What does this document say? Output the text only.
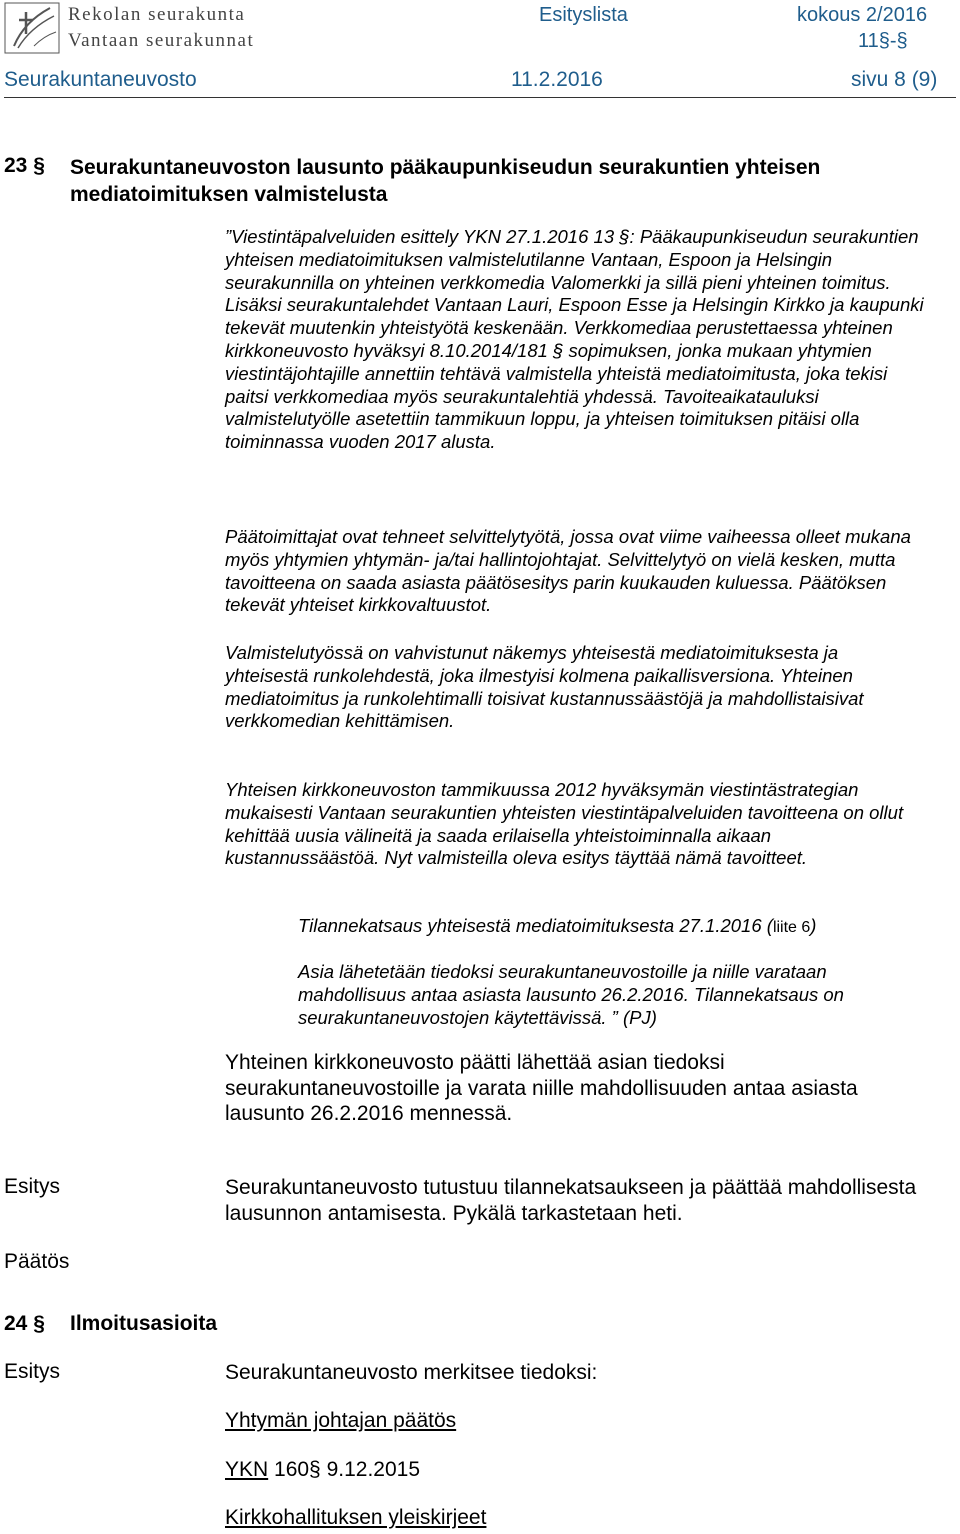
Rekolan seurakunta
Vantaan seurakunnat
Esityslista	kokous 2/2016
11§-§
Seurakuntaneuvosto	11.2.2016	sivu 8 (9)
23 § Seurakuntaneuvoston lausunto pääkaupunkiseudun seurakuntien yhteisen
mediatoimituksen valmistelusta

”Viestintäpalveluiden esittely YKN 27.1.2016 13 §: Pääkaupunkiseudun seurakuntien yhteisen mediatoimituksen valmistelutilanne Vantaan, Espoon ja Helsingin seurakunnilla on yhteinen verkkomedia Valomerkki ja sillä pieni yhteinen toimitus. Lisäksi seurakuntalehdet Vantaan Lauri, Espoon Esse ja Helsingin Kirkko ja kaupunki tekevät muutenkin yhteistyötä keskenään. Verkkomediaa perustettaessa yhteinen kirkkoneuvosto hyväksyi 8.10.2014/181 § sopimuksen, jonka mukaan yhtymien viestintäjohtajille annettiin tehtävä valmistella yhteistä mediatoimitusta, joka tekisi paitsi verkkomediaa myös seurakuntalehtiä yhdessä. Tavoiteaikatauluksi valmistelutyölle asetettiin tammikuun loppu, ja yhteisen toimituksen pitäisi olla toiminnassa vuoden 2017 alusta.

Päätoimittajat ovat tehneet selvittelytyötä, jossa ovat viime vaiheessa olleet mukana myös yhtymien yhtymän- ja/tai hallintojohtajat. Selvittelytyö on vielä kesken, mutta tavoitteena on saada asiasta päätösesitys parin kuukauden kuluessa. Päätöksen tekevät yhteiset kirkkovaltuustot.

Valmistelutyössä on vahvistunut näkemys yhteisestä mediatoimituksesta ja yhteisestä runkolehdestä, joka ilmestyisi kolmena paikallisversiona. Yhteinen mediatoimitus ja runkolehtimalli toisivat kustannussäästöjä ja mahdollistaisivat verkkomedian kehittämisen.

Yhteisen kirkkoneuvoston tammikuussa 2012 hyväksymän viestintästrategian mukaisesti Vantaan seurakuntien yhteisten viestintäpalveluiden tavoitteena on ollut kehittää uusia välineitä ja saada erilaisella yhteistoiminnalla aikaan kustannussäästöä. Nyt valmisteilla oleva esitys täyttää nämä tavoitteet.

Tilannekatsaus yhteisestä mediatoimituksesta 27.1.2016 (liite 6)

Asia lähetetään tiedoksi seurakuntaneuvostoille ja niille varataan mahdollisuus antaa asiasta lausunto 26.2.2016. Tilannekatsaus on seurakuntaneuvostojen käytettävissä. ” (PJ)

Yhteinen kirkkoneuvosto päätti lähettää asian tiedoksi seurakuntaneuvostoille ja varata niille mahdollisuuden antaa asiasta lausunto 26.2.2016 mennessä.

Esitys	Seurakuntaneuvosto tutustuu tilannekatsaukseen ja päättää mahdollisesta lausunnon antamisesta. Pykälä tarkastetaan heti.

Päätös
24 § Ilmoitusasioita
Esitys	Seurakuntaneuvosto merkitsee tiedoksi:

Yhtymän johtajan päätös
YKN 160§ 9.12.2015
Kirkkohallituksen yleiskirjeet
